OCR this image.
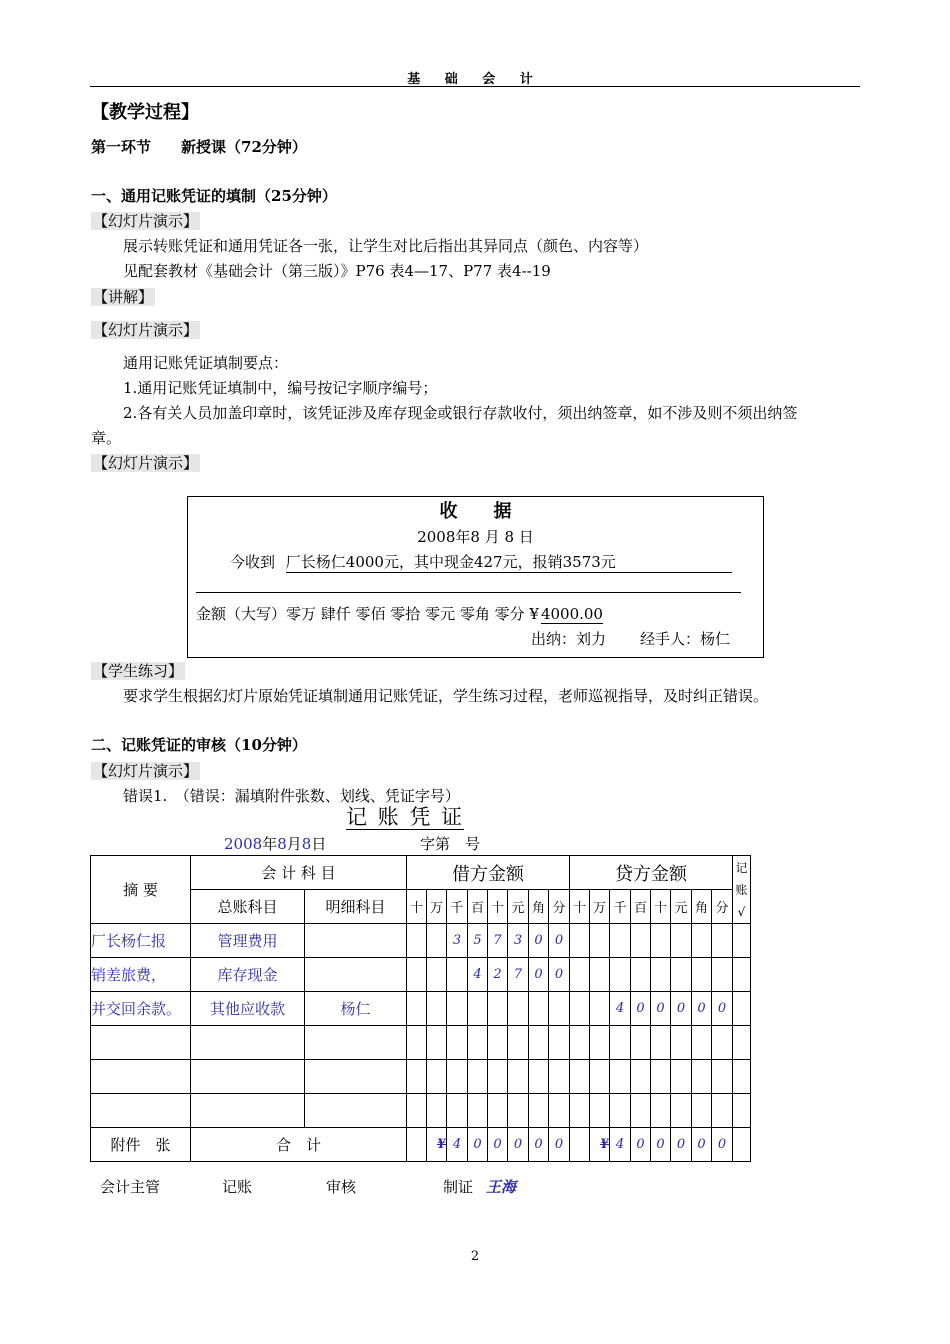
基 础 会 计
【教学过程】
第一环节　　新授课（72分钟）
一、通用记账凭证的填制（25分钟）
【幻灯片演示】
展示转账凭证和通用凭证各一张，让学生对比后指出其异同点（颜色、内容等）
见配套教材《基础会计（第三版）》P76 表4—17、P77 表4--19
【讲解】
【幻灯片演示】
通用记账凭证填制要点：
1.通用记账凭证填制中，编号按记字顺序编号；
2.各有关人员加盖印章时，该凭证涉及库存现金或银行存款收付，须出纳签章，如不涉及则不须出纳签
章。
【幻灯片演示】
收　　据
2008年8 月 8 日
今收到 厂长杨仁4000元，其中现金427元，报销3573元
金额（大写）零万 肆仟 零佰 零拾 零元 零角 零分 ¥ 4000.00
出纳：刘力 经手人：杨仁
【学生练习】
要求学生根据幻灯片原始凭证填制通用记账凭证，学生练习过程，老师巡视指导，及时纠正错误。
二、记账凭证的审核（10分钟）
【幻灯片演示】
错误1.　（错误：漏填附件张数、划线、凭证字号）
记 账 凭 证
2008年8月8日	字第　号
摘 要	会 计 科 目		借方金额								贷方金额								记
账
√
	总账科目	明细科目	十	万	千	百	十	元	角	分	十	万	千	百	十	元	角	分	
厂长杨仁报	管理费用				3	5	7	3	0	0									
销差旅费，	库存现金					4	2	7	0	0									
并交回余款。	其他应收款	杨仁											4	0	0	0	0	0	

附件　张	合　计			¥	4	0	0	0	0	0		¥	4	0	0	0	0	0	
会计主管	记账	审核	制证 王海
2
